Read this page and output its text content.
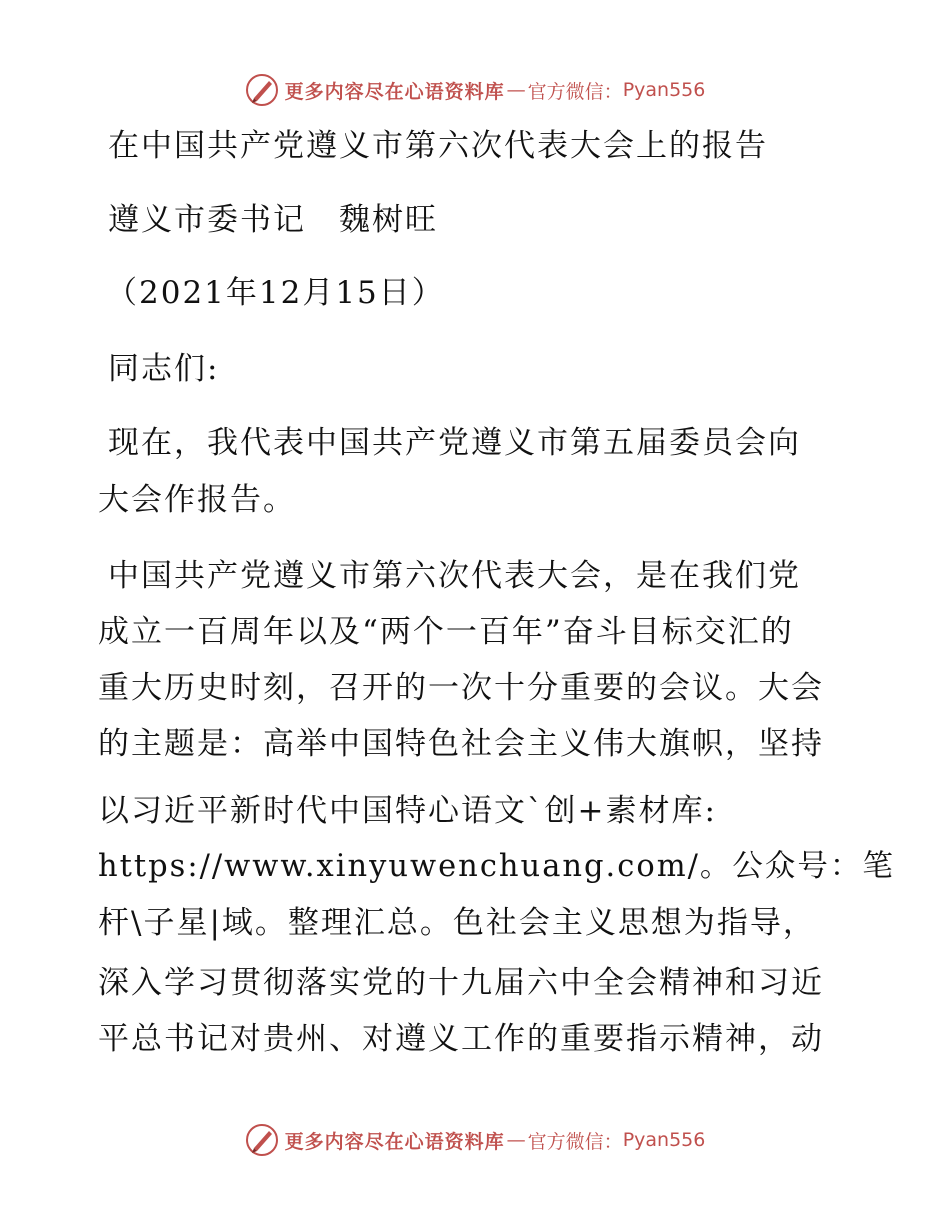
更多内容尽在心语资料库 — 官方微信： Pyan556
在中国共产党遵义市第六次代表大会上的报告
遵义市委书记　魏树旺
（2021年12月15日）
同志们:
现在，我代表中国共产党遵义市第五届委员会向
大会作报告。
中国共产党遵义市第六次代表大会，是在我们党
成立一百周年以及“两个一百年”奋斗目标交汇的
重大历史时刻，召开的一次十分重要的会议。大会
的主题是：高举中国特色社会主义伟大旗帜，坚持
以习近平新时代中国特心语文`创+素材库:
https://www.xinyuwenchuang.com/。公众号：笔
杆\子星|域。整理汇总。色社会主义思想为指导，
深入学习贯彻落实党的十九届六中全会精神和习近
平总书记对贵州、对遵义工作的重要指示精神，动
更多内容尽在心语资料库 — 官方微信： Pyan556
